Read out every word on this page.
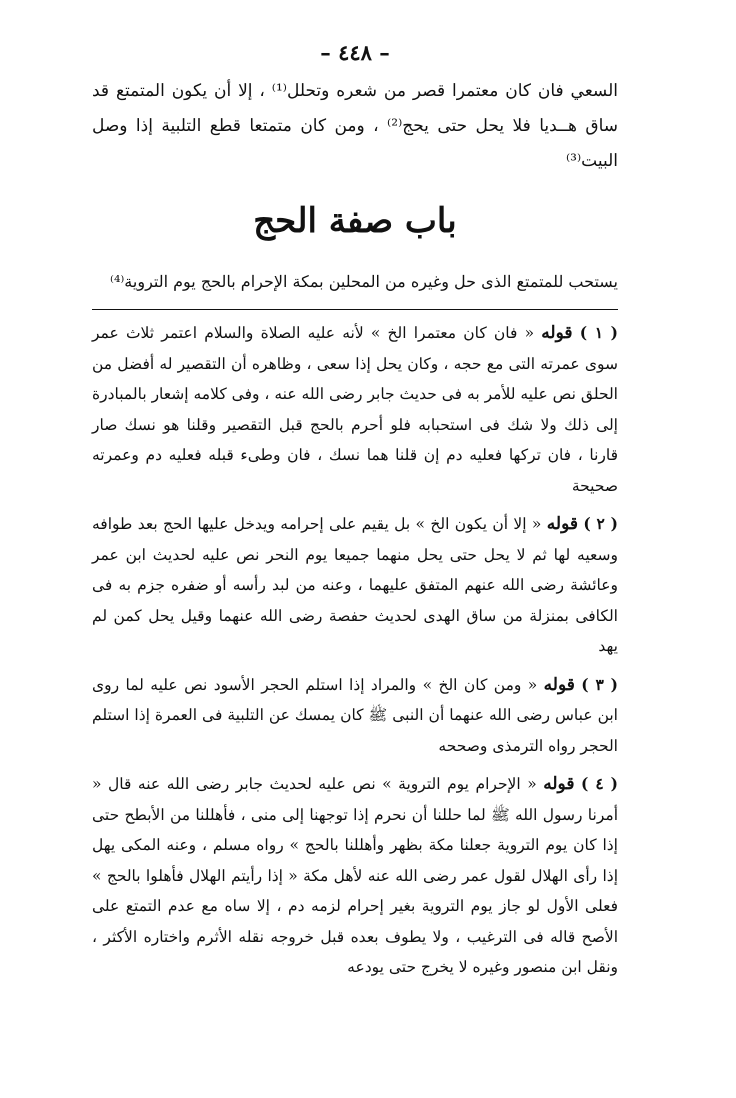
– ٤٤٨ –

السعي فان كان معتمرا قصر من شعره وتحلل⁽¹⁾ ، إلا أن يكون المتمتع قد ساق هــديا فلا يحل حتى يحج⁽²⁾ ، ومن كان متمتعا قطع التلبية إذا وصل البيت⁽³⁾

باب صفة الحج

يستحب للمتمتع الذى حل وغيره من المحلين بمكة الإحرام بالحج يوم التروية⁽⁴⁾

( ١ ) قوله « فان كان معتمرا الخ » لأنه عليه الصلاة والسلام اعتمر ثلاث عمر سوى عمرته التى مع حجه ، وكان يحل إذا سعى ، وظاهره أن التقصير له أفضل من الحلق نص عليه للأمر به فى حديث جابر رضى الله عنه ، وفى كلامه إشعار بالمبادرة إلى ذلك ولا شك فى استحبابه فلو أحرم بالحج قبل التقصير وقلنا هو نسك صار قارنا ، فان تركها فعليه دم إن قلنا هما نسك ، فان وطىء قبله فعليه دم وعمرته صحيحة

( ٢ ) قوله « إلا أن يكون الخ » بل يقيم على إحرامه ويدخل عليها الحج بعد طوافه وسعيه لها ثم لا يحل حتى يحل منهما جميعا يوم النحر نص عليه لحديث ابن عمر وعائشة رضى الله عنهم المتفق عليهما ، وعنه من لبد رأسه أو ضفره جزم به فى الكافى بمنزلة من ساق الهدى لحديث حفصة رضى الله عنهما وقيل يحل كمن لم يهد

( ٣ ) قوله « ومن كان الخ » والمراد إذا استلم الحجر الأسود نص عليه لما روى ابن عباس رضى الله عنهما أن النبى ﷺ كان يمسك عن التلبية فى العمرة إذا استلم الحجر رواه الترمذى وصححه

( ٤ ) قوله « الإحرام يوم التروية » نص عليه لحديث جابر رضى الله عنه قال « أمرنا رسول الله ﷺ لما حللنا أن نحرم إذا توجهنا إلى منى ، فأهللنا من الأبطح حتى إذا كان يوم التروية جعلنا مكة بظهر وأهللنا بالحج » رواه مسلم ، وعنه المكى يهل إذا رأى الهلال لقول عمر رضى الله عنه لأهل مكة « إذا رأيتم الهلال فأهلوا بالحج » فعلى الأول لو جاز يوم التروية بغير إحرام لزمه دم ، إلا ساه مع عدم التمتع على الأصح قاله فى الترغيب ، ولا يطوف بعده قبل خروجه نقله الأثرم واختاره الأكثر ، ونقل ابن منصور وغيره لا يخرج حتى يودعه
